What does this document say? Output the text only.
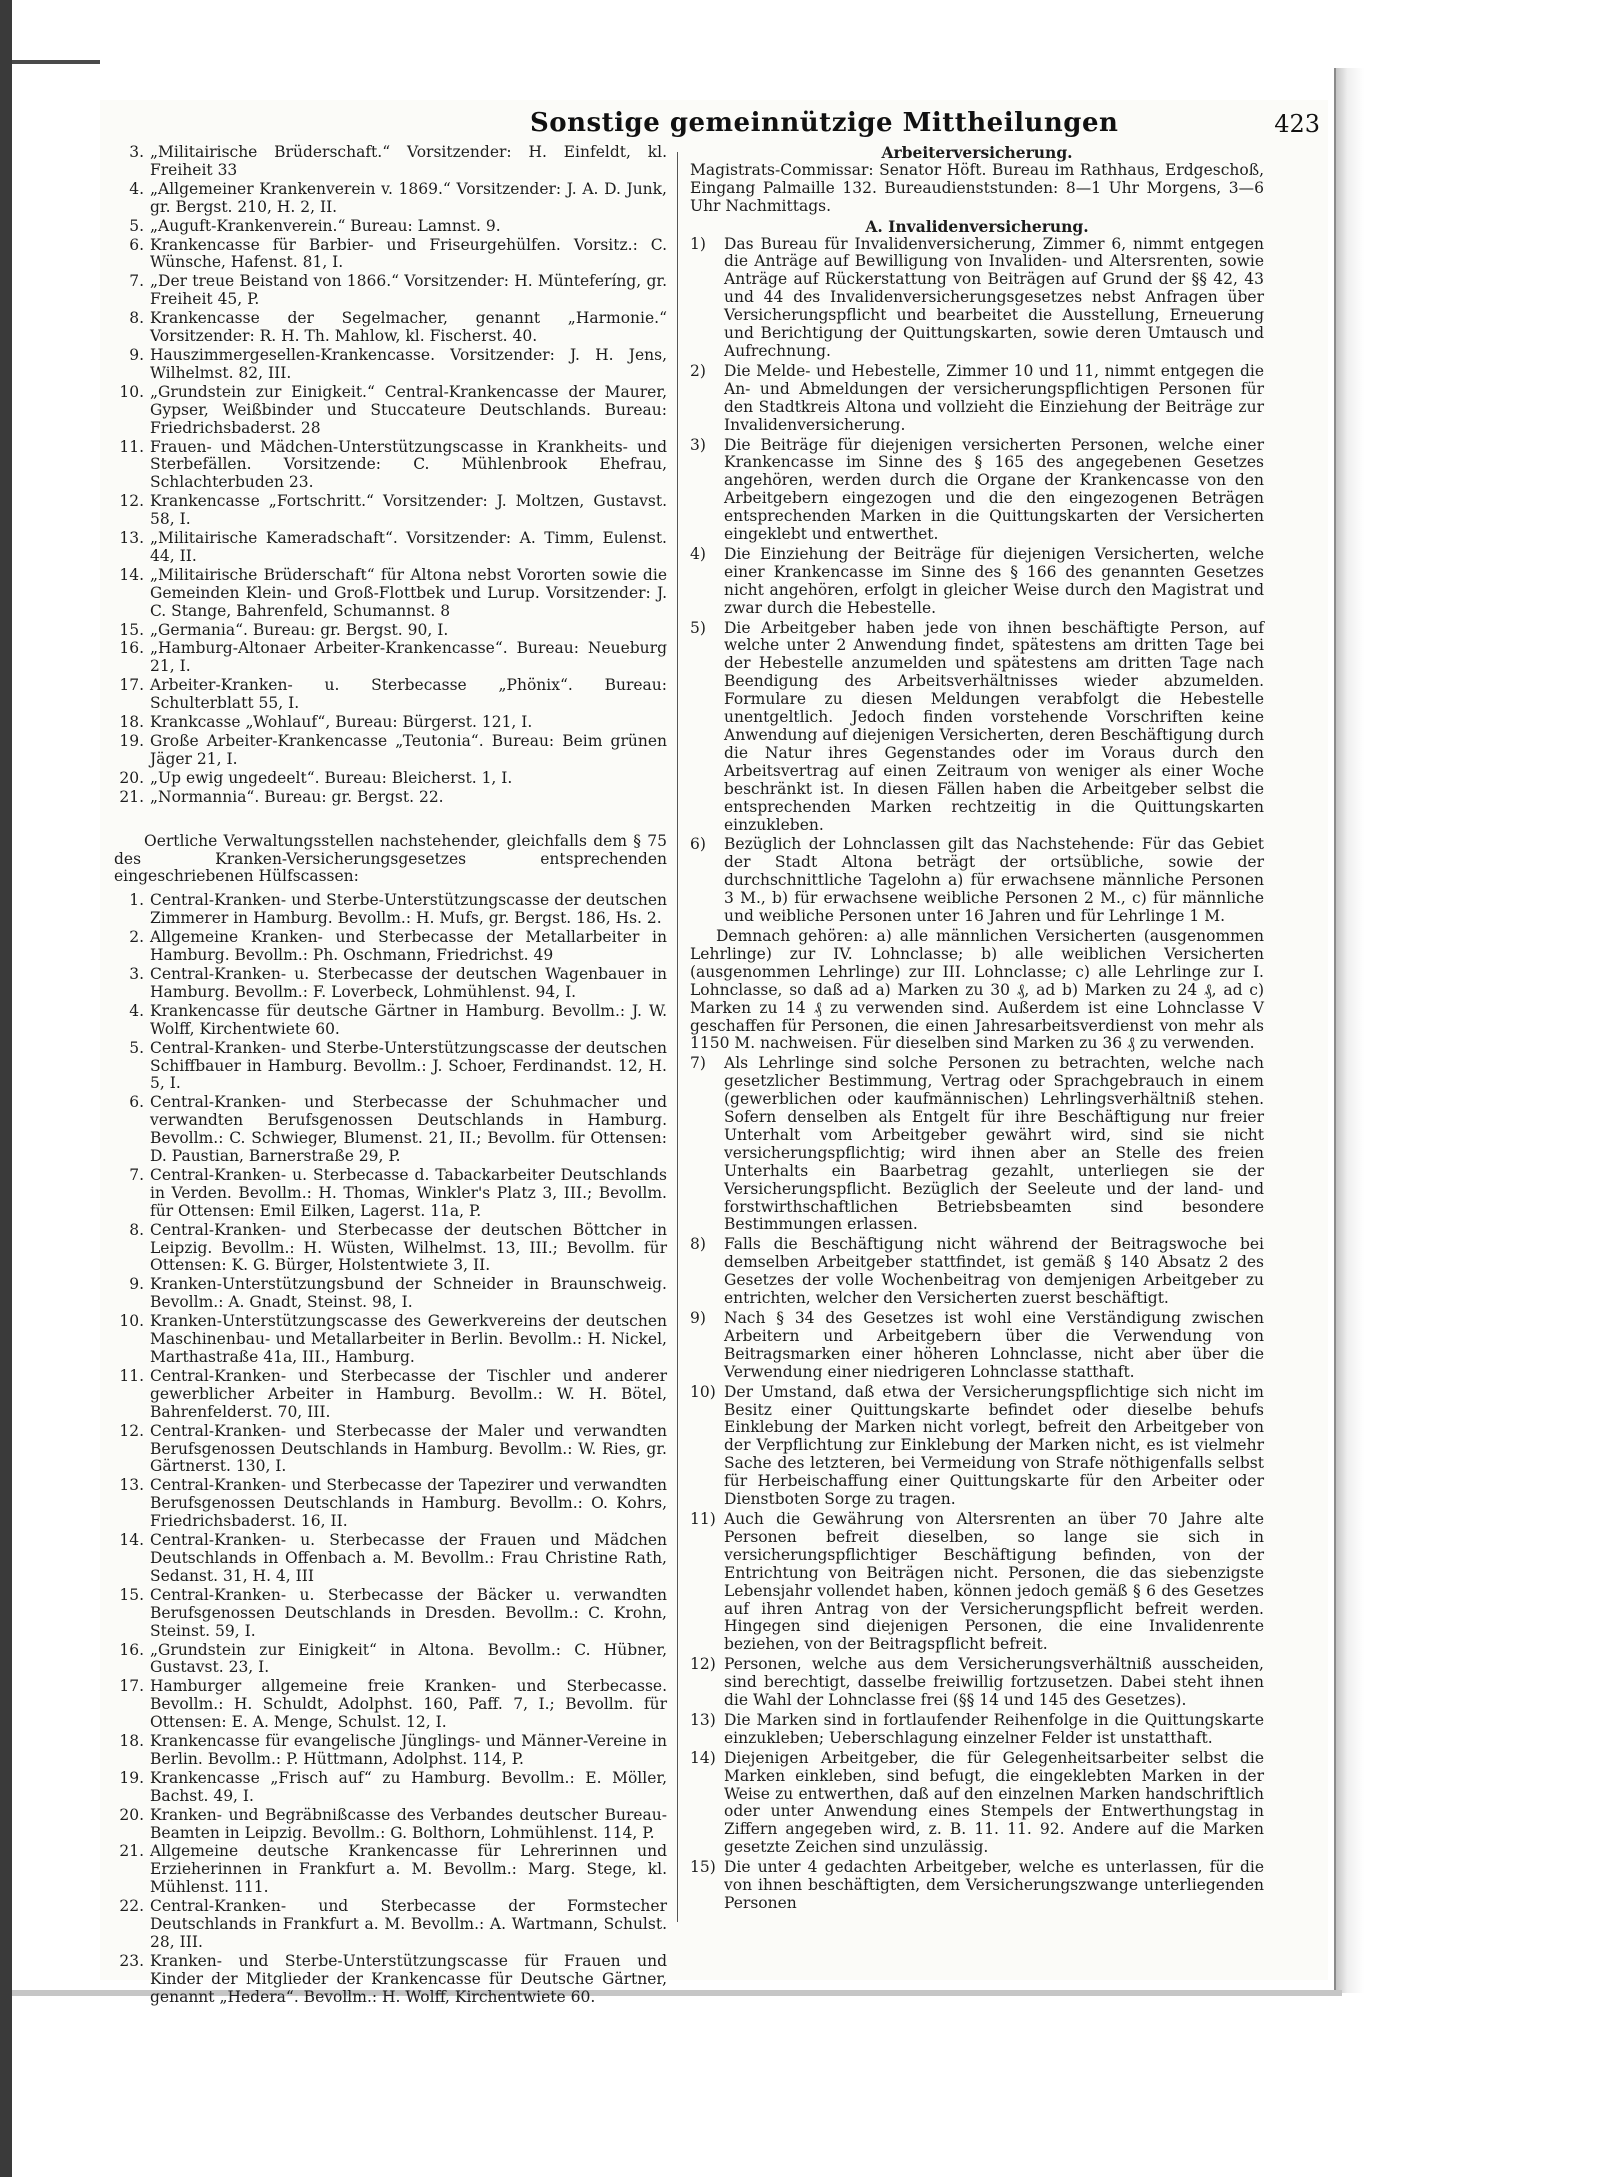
Sonstige gemeinnützige Mittheilungen	423
3. „Militairische Brüderschaft.“ Vorsitzender: H. Einfeldt, kl. Freiheit 33
4. „Allgemeiner Krankenverein v. 1869.“ Vorsitzender: J. A. D. Junk, gr. Bergst. 210, H. 2, II.
5. „Auguft-Krankenverein.“ Bureau: Lamnst. 9.
6. Krankencasse für Barbier- und Friseurgehülfen. Vorsitz.: C. Wünsche, Hafenst. 81, I.
7. „Der treue Beistand von 1866.“ Vorsitzender: H. Münteferíng, gr. Freiheit 45, P.
8. Krankencasse der Segelmacher, genannt „Harmonie.“ Vorsitzender: R. H. Th. Mahlow, kl. Fischerst. 40.
9. Hauszimmergesellen-Krankencasse. Vorsitzender: J. H. Jens, Wilhelmst. 82, III.
10. „Grundstein zur Einigkeit.“ Central-Krankencasse der Maurer, Gypser, Weißbinder und Stuccateure Deutschlands. Bureau: Friedrichsbaderst. 28
11. Frauen- und Mädchen-Unterstützungscasse in Krankheits- und Sterbefällen. Vorsitzende: C. Mühlenbrook Ehefrau, Schlachterbuden 23.
12. Krankencasse „Fortschritt.“ Vorsitzender: J. Moltzen, Gustavst. 58, I.
13. „Militairische Kameradschaft“. Vorsitzender: A. Timm, Eulenst. 44, II.
14. „Militairische Brüderschaft“ für Altona nebst Vororten sowie die Gemeinden Klein- und Groß-Flottbek und Lurup. Vorsitzender: J. C. Stange, Bahrenfeld, Schumannst. 8
15. „Germania“. Bureau: gr. Bergst. 90, I.
16. „Hamburg-Altonaer Arbeiter-Krankencasse“. Bureau: Neueburg 21, I.
17. Arbeiter-Kranken- u. Sterbecasse „Phönix“. Bureau: Schulterblatt 55, I.
18. Krankcasse „Wohlauf“, Bureau: Bürgerst. 121, I.
19. Große Arbeiter-Krankencasse „Teutonia“. Bureau: Beim grünen Jäger 21, I.
20. „Up ewig ungedeelt“. Bureau: Bleicherst. 1, I.
21. „Normannia“. Bureau: gr. Bergst. 22.
Oertliche Verwaltungsstellen nachstehender, gleichfalls dem § 75 des Kranken-Versicherungsgesetzes entsprechenden eingeschriebenen Hülfscassen:
1. Central-Kranken- und Sterbe-Unterstützungscasse der deutschen Zimmerer in Hamburg. Bevollm.: H. Mufs, gr. Bergst. 186, Hs. 2.
2. Allgemeine Kranken- und Sterbecasse der Metallarbeiter in Hamburg. Bevollm.: Ph. Oschmann, Friedrichst. 49
3. Central-Kranken- u. Sterbecasse der deutschen Wagenbauer in Hamburg. Bevollm.: F. Loverbeck, Lohmühlenst. 94, I.
4. Krankencasse für deutsche Gärtner in Hamburg. Bevollm.: J. W. Wolff, Kirchentwiete 60.
5. Central-Kranken- und Sterbe-Unterstützungscasse der deutschen Schiffbauer in Hamburg. Bevollm.: J. Schoer, Ferdinandst. 12, H. 5, I.
6. Central-Kranken- und Sterbecasse der Schuhmacher und verwandten Berufsgenossen Deutschlands in Hamburg. Bevollm.: C. Schwieger, Blumenst. 21, II.; Bevollm. für Ottensen: D. Paustian, Barnerstraße 29, P.
7. Central-Kranken- u. Sterbecasse d. Tabackarbeiter Deutschlands in Verden. Bevollm.: H. Thomas, Winkler's Platz 3, III.; Bevollm. für Ottensen: Emil Eilken, Lagerst. 11a, P.
8. Central-Kranken- und Sterbecasse der deutschen Böttcher in Leipzig. Bevollm.: H. Wüsten, Wilhelmst. 13, III.; Bevollm. für Ottensen: K. G. Bürger, Holstentwiete 3, II.
9. Kranken-Unterstützungsbund der Schneider in Braunschweig. Bevollm.: A. Gnadt, Steinst. 98, I.
10. Kranken-Unterstützungscasse des Gewerkvereins der deutschen Maschinenbau- und Metallarbeiter in Berlin. Bevollm.: H. Nickel, Marthastraße 41a, III., Hamburg.
11. Central-Kranken- und Sterbecasse der Tischler und anderer gewerblicher Arbeiter in Hamburg. Bevollm.: W. H. Bötel, Bahrenfelderst. 70, III.
12. Central-Kranken- und Sterbecasse der Maler und verwandten Berufsgenossen Deutschlands in Hamburg. Bevollm.: W. Ries, gr. Gärtnerst. 130, I.
13. Central-Kranken- und Sterbecasse der Tapezirer und verwandten Berufsgenossen Deutschlands in Hamburg. Bevollm.: O. Kohrs, Friedrichsbaderst. 16, II.
14. Central-Kranken- u. Sterbecasse der Frauen und Mädchen Deutschlands in Offenbach a. M. Bevollm.: Frau Christine Rath, Sedanst. 31, H. 4, III
15. Central-Kranken- u. Sterbecasse der Bäcker u. verwandten Berufsgenossen Deutschlands in Dresden. Bevollm.: C. Krohn, Steinst. 59, I.
16. „Grundstein zur Einigkeit“ in Altona. Bevollm.: C. Hübner, Gustavst. 23, I.
17. Hamburger allgemeine freie Kranken- und Sterbecasse. Bevollm.: H. Schuldt, Adolphst. 160, Paff. 7, I.; Bevollm. für Ottensen: E. A. Menge, Schulst. 12, I.
18. Krankencasse für evangelische Jünglings- und Männer-Vereine in Berlin. Bevollm.: P. Hüttmann, Adolphst. 114, P.
19. Krankencasse „Frisch auf“ zu Hamburg. Bevollm.: E. Möller, Bachst. 49, I.
20. Kranken- und Begräbnißcasse des Verbandes deutscher Bureau-Beamten in Leipzig. Bevollm.: G. Bolthorn, Lohmühlenst. 114, P.
21. Allgemeine deutsche Krankencasse für Lehrerinnen und Erzieherinnen in Frankfurt a. M. Bevollm.: Marg. Stege, kl. Mühlenst. 111.
22. Central-Kranken- und Sterbecasse der Formstecher Deutschlands in Frankfurt a. M. Bevollm.: A. Wartmann, Schulst. 28, III.
23. Kranken- und Sterbe-Unterstützungscasse für Frauen und Kinder der Mitglieder der Krankencasse für Deutsche Gärtner, genannt „Hedera“. Bevollm.: H. Wolff, Kirchentwiete 60.
Arbeiterversicherung.
Magistrats-Commissar: Senator Höft. Bureau im Rathhaus, Erdgeschoß, Eingang Palmaille 132. Bureaudienststunden: 8—1 Uhr Morgens, 3—6 Uhr Nachmittags.
A. Invalidenversicherung.
1)	Das Bureau für Invalidenversicherung, Zimmer 6, nimmt entgegen die Anträge auf Bewilligung von Invaliden- und Altersrenten, sowie Anträge auf Rückerstattung von Beiträgen auf Grund der §§ 42, 43 und 44 des Invalidenversicherungsgesetzes nebst Anfragen über Versicherungspflicht und bearbeitet die Ausstellung, Erneuerung und Berichtigung der Quittungskarten, sowie deren Umtausch und Aufrechnung.
2)	Die Melde- und Hebestelle, Zimmer 10 und 11, nimmt entgegen die An- und Abmeldungen der versicherungspflichtigen Personen für den Stadtkreis Altona und vollzieht die Einziehung der Beiträge zur Invalidenversicherung.
3)	Die Beiträge für diejenigen versicherten Personen, welche einer Krankencasse im Sinne des § 165 des angegebenen Gesetzes angehören, werden durch die Organe der Krankencasse von den Arbeitgebern eingezogen und die den eingezogenen Beträgen entsprechenden Marken in die Quittungskarten der Versicherten eingeklebt und entwerthet.
4)	Die Einziehung der Beiträge für diejenigen Versicherten, welche einer Krankencasse im Sinne des § 166 des genannten Gesetzes nicht angehören, erfolgt in gleicher Weise durch den Magistrat und zwar durch die Hebestelle.
5)	Die Arbeitgeber haben jede von ihnen beschäftigte Person, auf welche unter 2 Anwendung findet, spätestens am dritten Tage bei der Hebestelle anzumelden und spätestens am dritten Tage nach Beendigung des Arbeitsverhältnisses wieder abzumelden. Formulare zu diesen Meldungen verabfolgt die Hebestelle unentgeltlich. Jedoch finden vorstehende Vorschriften keine Anwendung auf diejenigen Versicherten, deren Beschäftigung durch die Natur ihres Gegenstandes oder im Voraus durch den Arbeitsvertrag auf einen Zeitraum von weniger als einer Woche beschränkt ist. In diesen Fällen haben die Arbeitgeber selbst die entsprechenden Marken rechtzeitig in die Quittungskarten einzukleben.
6)	Bezüglich der Lohnclassen gilt das Nachstehende: Für das Gebiet der Stadt Altona beträgt der ortsübliche, sowie der durchschnittliche Tagelohn a) für erwachsene männliche Personen 3 M., b) für erwachsene weibliche Personen 2 M., c) für männliche und weibliche Personen unter 16 Jahren und für Lehrlinge 1 M.
Demnach gehören: a) alle männlichen Versicherten (ausgenommen Lehrlinge) zur IV. Lohnclasse; b) alle weiblichen Versicherten (ausgenommen Lehrlinge) zur III. Lohnclasse; c) alle Lehrlinge zur I. Lohnclasse, so daß ad a) Marken zu 30 ₰, ad b) Marken zu 24 ₰, ad c) Marken zu 14 ₰ zu verwenden sind. Außerdem ist eine Lohnclasse V geschaffen für Personen, die einen Jahresarbeitsverdienst von mehr als 1150 M. nachweisen. Für dieselben sind Marken zu 36 ₰ zu verwenden.
7)	Als Lehrlinge sind solche Personen zu betrachten, welche nach gesetzlicher Bestimmung, Vertrag oder Sprachgebrauch in einem (gewerblichen oder kaufmännischen) Lehrlingsverhältniß stehen. Sofern denselben als Entgelt für ihre Beschäftigung nur freier Unterhalt vom Arbeitgeber gewährt wird, sind sie nicht versicherungspflichtig; wird ihnen aber an Stelle des freien Unterhalts ein Baarbetrag gezahlt, unterliegen sie der Versicherungspflicht. Bezüglich der Seeleute und der land- und forstwirthschaftlichen Betriebsbeamten sind besondere Bestimmungen erlassen.
8)	Falls die Beschäftigung nicht während der Beitragswoche bei demselben Arbeitgeber stattfindet, ist gemäß § 140 Absatz 2 des Gesetzes der volle Wochenbeitrag von demjenigen Arbeitgeber zu entrichten, welcher den Versicherten zuerst beschäftigt.
9)	Nach § 34 des Gesetzes ist wohl eine Verständigung zwischen Arbeitern und Arbeitgebern über die Verwendung von Beitragsmarken einer höheren Lohnclasse, nicht aber über die Verwendung einer niedrigeren Lohnclasse statthaft.
10) Der Umstand, daß etwa der Versicherungspflichtige sich nicht im Besitz einer Quittungskarte befindet oder dieselbe behufs Einklebung der Marken nicht vorlegt, befreit den Arbeitgeber von der Verpflichtung zur Einklebung der Marken nicht, es ist vielmehr Sache des letzteren, bei Vermeidung von Strafe nöthigenfalls selbst für Herbeischaffung einer Quittungskarte für den Arbeiter oder Dienstboten Sorge zu tragen.
11) Auch die Gewährung von Altersrenten an über 70 Jahre alte Personen befreit dieselben, so lange sie sich in versicherungspflichtiger Beschäftigung befinden, von der Entrichtung von Beiträgen nicht. Personen, die das siebenzigste Lebensjahr vollendet haben, können jedoch gemäß § 6 des Gesetzes auf ihren Antrag von der Versicherungspflicht befreit werden. Hingegen sind diejenigen Personen, die eine Invalidenrente beziehen, von der Beitragspflicht befreit.
12) Personen, welche aus dem Versicherungsverhältniß ausscheiden, sind berechtigt, dasselbe freiwillig fortzusetzen. Dabei steht ihnen die Wahl der Lohnclasse frei (§§ 14 und 145 des Gesetzes).
13) Die Marken sind in fortlaufender Reihenfolge in die Quittungskarte einzukleben; Ueberschlagung einzelner Felder ist unstatthaft.
14) Diejenigen Arbeitgeber, die für Gelegenheitsarbeiter selbst die Marken einkleben, sind befugt, die eingeklebten Marken in der Weise zu entwerthen, daß auf den einzelnen Marken handschriftlich oder unter Anwendung eines Stempels der Entwerthungstag in Ziffern angegeben wird, z. B. 11. 11. 92. Andere auf die Marken gesetzte Zeichen sind unzulässig.
15) Die unter 4 gedachten Arbeitgeber, welche es unterlassen, für die von ihnen beschäftigten, dem Versicherungszwange unterliegenden Personen
